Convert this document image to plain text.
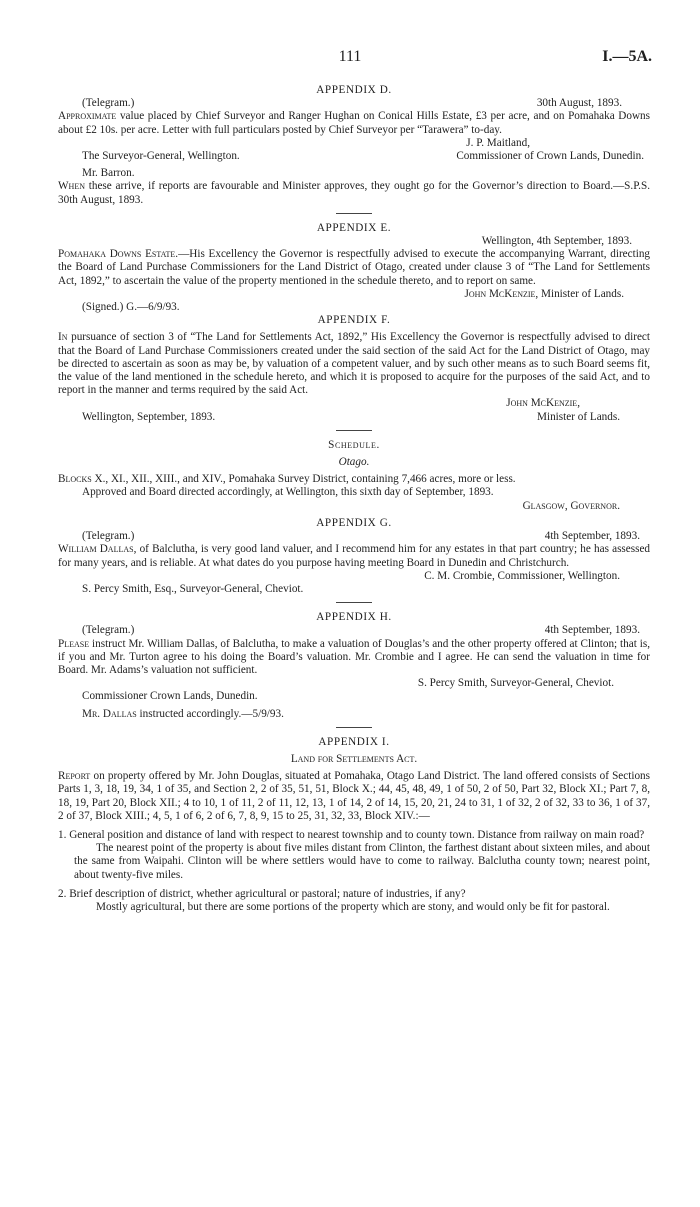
111	I.—5A.
APPENDIX D.
(Telegram.)	30th August, 1893.

Approximate value placed by Chief Surveyor and Ranger Hughan on Conical Hills Estate, £3 per acre, and on Pomahaka Downs about £2 10s. per acre. Letter with full particulars posted by Chief Surveyor per “Tarawera” to-day.

J. P. Maitland,
The Surveyor-General, Wellington.	Commissioner of Crown Lands, Dunedin.
Mr. Barron.

When these arrive, if reports are favourable and Minister approves, they ought go for the Governor’s direction to Board.—S.P.S. 30th August, 1893.

APPENDIX E.
Wellington, 4th September, 1893.

Pomahaka Downs Estate.—His Excellency the Governor is respectfully advised to execute the accompanying Warrant, directing the Board of Land Purchase Commissioners for the Land District of Otago, created under clause 3 of “The Land for Settlements Act, 1892,” to ascertain the value of the property mentioned in the schedule thereto, and to report on same.

John McKenzie, Minister of Lands.
(Signed.) G.—6/9/93.
APPENDIX F.

In pursuance of section 3 of “The Land for Settlements Act, 1892,” His Excellency the Governor is respectfully advised to direct that the Board of Land Purchase Commissioners created under the said section of the said Act for the Land District of Otago, may be directed to ascertain as soon as may be, by valuation of a competent valuer, and by such other means as to such Board seems fit, the value of the land mentioned in the schedule hereto, and which it is proposed to acquire for the purposes of the said Act, and to report in the manner and terms required by the said Act.

John McKenzie,
Wellington, September, 1893.	Minister of Lands.
Schedule.
Otago.

Blocks X., XI., XII., XIII., and XIV., Pomahaka Survey District, containing 7,466 acres, more or less.

Approved and Board directed accordingly, at Wellington, this sixth day of September, 1893.
Glasgow, Governor.
APPENDIX G.
(Telegram.)	4th September, 1893.

William Dallas, of Balclutha, is very good land valuer, and I recommend him for any estates in that part country; he has assessed for many years, and is reliable. At what dates do you purpose having meeting Board in Dunedin and Christchurch.

C. M. Crombie, Commissioner, Wellington.
S. Percy Smith, Esq., Surveyor-General, Cheviot.
APPENDIX H.
(Telegram.)	4th September, 1893.

Please instruct Mr. William Dallas, of Balclutha, to make a valuation of Douglas’s and the other property offered at Clinton; that is, if you and Mr. Turton agree to his doing the Board’s valuation. Mr. Crombie and I agree. He can send the valuation in time for Board. Mr. Adams’s valuation not sufficient.

S. Percy Smith, Surveyor-General, Cheviot.
Commissioner Crown Lands, Dunedin.
Mr. Dallas instructed accordingly.—5/9/93.
APPENDIX I.
Land for Settlements Act.

Report on property offered by Mr. John Douglas, situated at Pomahaka, Otago Land District. The land offered consists of Sections Parts 1, 3, 18, 19, 34, 1 of 35, and Section 2, 2 of 35, 51, 51, Block X.; 44, 45, 48, 49, 1 of 50, 2 of 50, Part 32, Block XI.; Part 7, 8, 18, 19, Part 20, Block XII.; 4 to 10, 1 of 11, 2 of 11, 12, 13, 1 of 14, 2 of 14, 15, 20, 21, 24 to 31, 1 of 32, 2 of 32, 33 to 36, 1 of 37, 2 of 37, Block XIII.; 4, 5, 1 of 6, 2 of 6, 7, 8, 9, 15 to 25, 31, 32, 33, Block XIV.:—

1. General position and distance of land with respect to nearest township and to county town. Distance from railway on main road?

The nearest point of the property is about five miles distant from Clinton, the farthest distant about sixteen miles, and about the same from Waipahi. Clinton will be where settlers would have to come to railway. Balclutha county town; nearest point, about twenty-five miles.

2. Brief description of district, whether agricultural or pastoral; nature of industries, if any?

Mostly agricultural, but there are some portions of the property which are stony, and would only be fit for pastoral.
